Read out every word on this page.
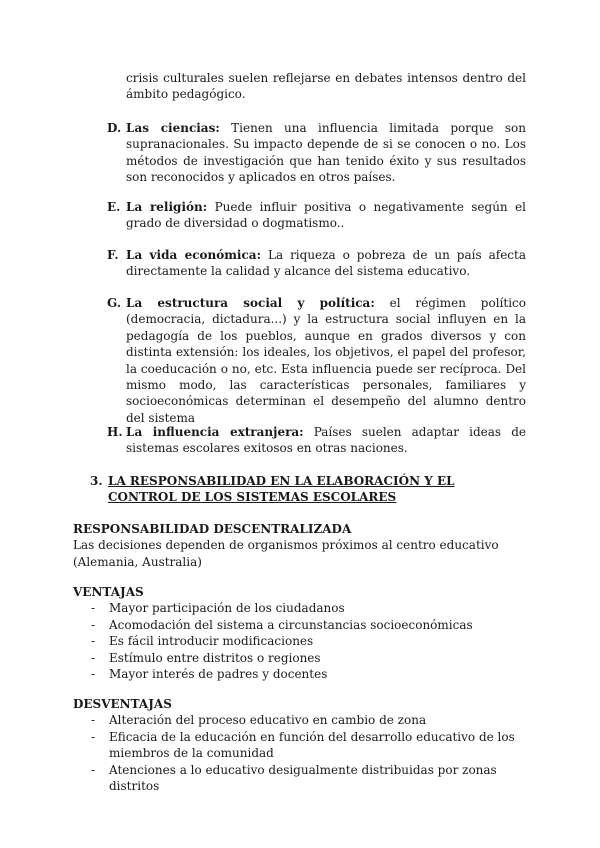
crisis culturales suelen reflejarse en debates intensos dentro del ámbito pedagógico.
D. Las ciencias: Tienen una influencia limitada porque son supranacionales. Su impacto depende de si se conocen o no. Los métodos de investigación que han tenido éxito y sus resultados son reconocidos y aplicados en otros países.
E. La religión: Puede influir positiva o negativamente según el grado de diversidad o dogmatismo..
F. La vida económica: La riqueza o pobreza de un país afecta directamente la calidad y alcance del sistema educativo.
G. La estructura social y política: el régimen político (democracia, dictadura...) y la estructura social influyen en la pedagogía de los pueblos, aunque en grados diversos y con distinta extensión: los ideales, los objetivos, el papel del profesor, la coeducación o no, etc. Esta influencia puede ser recíproca. Del mismo modo, las características personales, familiares y socioeconómicas determinan el desempeño del alumno dentro del sistema
H. La influencia extranjera: Países suelen adaptar ideas de sistemas escolares exitosos en otras naciones.
3. LA RESPONSABILIDAD EN LA ELABORACIÓN Y EL CONTROL DE LOS SISTEMAS ESCOLARES
RESPONSABILIDAD DESCENTRALIZADA
Las decisiones dependen de organismos próximos al centro educativo (Alemania, Australia)
VENTAJAS
- Mayor participación de los ciudadanos
- Acomodación del sistema a circunstancias socioeconómicas
- Es fácil introducir modificaciones
- Estímulo entre distritos o regiones
- Mayor interés de padres y docentes
DESVENTAJAS
- Alteración del proceso educativo en cambio de zona
- Eficacia de la educación en función del desarrollo educativo de los miembros de la comunidad
- Atenciones a lo educativo desigualmente distribuidas por zonas distritos
